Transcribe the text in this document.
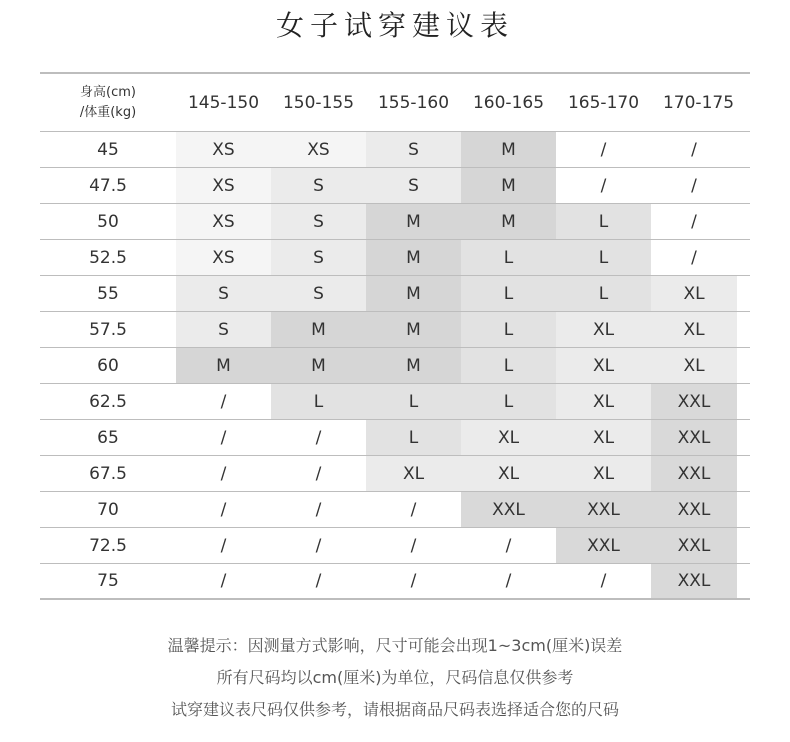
女子试穿建议表
身高(cm)
/体重(kg)	145-150	150-155	155-160	160-165	165-170	170-175
45	XS	XS	S	M	/	/
47.5	XS	S	S	M	/	/
50	XS	S	M	M	L	/
52.5	XS	S	M	L	L	/
55	S	S	M	L	L	XL
57.5	S	M	M	L	XL	XL
60	M	M	M	L	XL	XL
62.5	/	L	L	L	XL	XXL
65	/	/	L	XL	XL	XXL
67.5	/	/	XL	XL	XL	XXL
70	/	/	/	XXL	XXL	XXL
72.5	/	/	/	/	XXL	XXL
75	/	/	/	/	/	XXL
温馨提示：因测量方式影响，尺寸可能会出现1~3cm(厘米)误差
所有尺码均以cm(厘米)为单位，尺码信息仅供参考
试穿建议表尺码仅供参考，请根据商品尺码表选择适合您的尺码
